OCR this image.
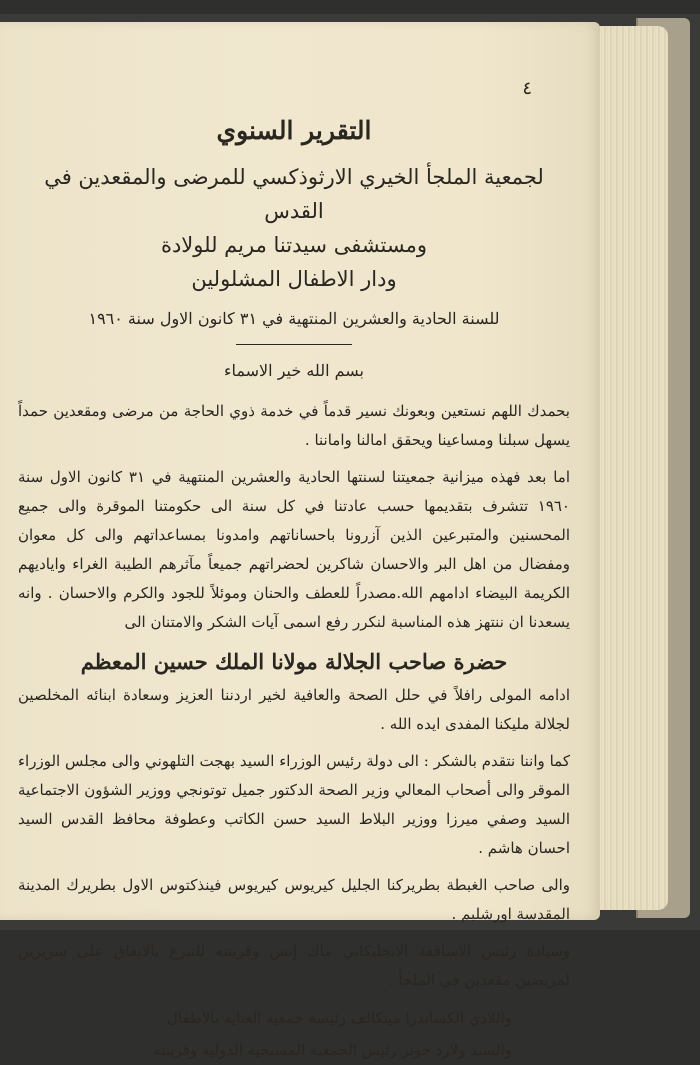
٤
التقرير السنوي
لجمعية الملجأ الخيري الارثوذكسي للمرضى والمقعدين في القدس
ومستشفى سيدتنا مريم للولادة
ودار الاطفال المشلولين
للسنة الحادية والعشرين المنتهية في ٣١ كانون الاول سنة ١٩٦٠
بسم الله خير الاسماء

بحمدك اللهم نستعين وبعونك نسير قدماً في خدمة ذوي الحاجة من مرضى ومقعدين حمداً يسهل سبلنا ومساعينا ويحقق امالنا واماننا .

اما بعد فهذه ميزانية جمعيتنا لسنتها الحادية والعشرين المنتهية في ٣١ كانون الاول سنة ١٩٦٠ تتشرف بتقديمها حسب عادتنا في كل سنة الى حكومتنا الموقرة والى جميع المحسنين والمتبرعين الذين آزرونا باحساناتهم وامدونا بمساعداتهم والى كل معوان ومفضال من اهل البر والاحسان شاكرين لحضراتهم جميعاً مآثرهم الطيبة الغراء واياديهم الكريمة البيضاء ادامهم الله.مصدراً للعطف والحنان وموئلاً للجود والكرم والاحسان . وانه يسعدنا ان ننتهز هذه المناسبة لنكرر رفع اسمى آيات الشكر والامتنان الى

حضرة صاحب الجلالة مولانا الملك حسين المعظم

ادامه المولى رافلاً في حلل الصحة والعافية لخير اردننا العزيز وسعادة ابنائه المخلصين لجلالة مليكنا المفدى ايده الله .

كما واننا نتقدم بالشكر : الى دولة رئيس الوزراء السيد بهجت التلهوني والى مجلس الوزراء الموقر والى أصحاب المعالي وزير الصحة الدكتور جميل توتونجي ووزير الشؤون الاجتماعية السيد وصفي ميرزا ووزير البلاط السيد حسن الكاتب وعطوفة محافظ القدس السيد احسان هاشم .

والى صاحب الغبطة بطريركنا الجليل كيريوس كيريوس فينذكتوس الاول بطريرك المدينة المقدسة اورشليم .

وسيادة رئيس الاساقفة الانجليكاني ماك إنس وقرينته للتبرع بالانفاق على سريرين لمريضين مقعدين في الملجأ .

واللادي الكساندرا ميتكالف رئيسة جمعية العناية بالاطفال
والسيد ولارد جونز رئيس الجمعية المسيحية الدولية وقرينته
